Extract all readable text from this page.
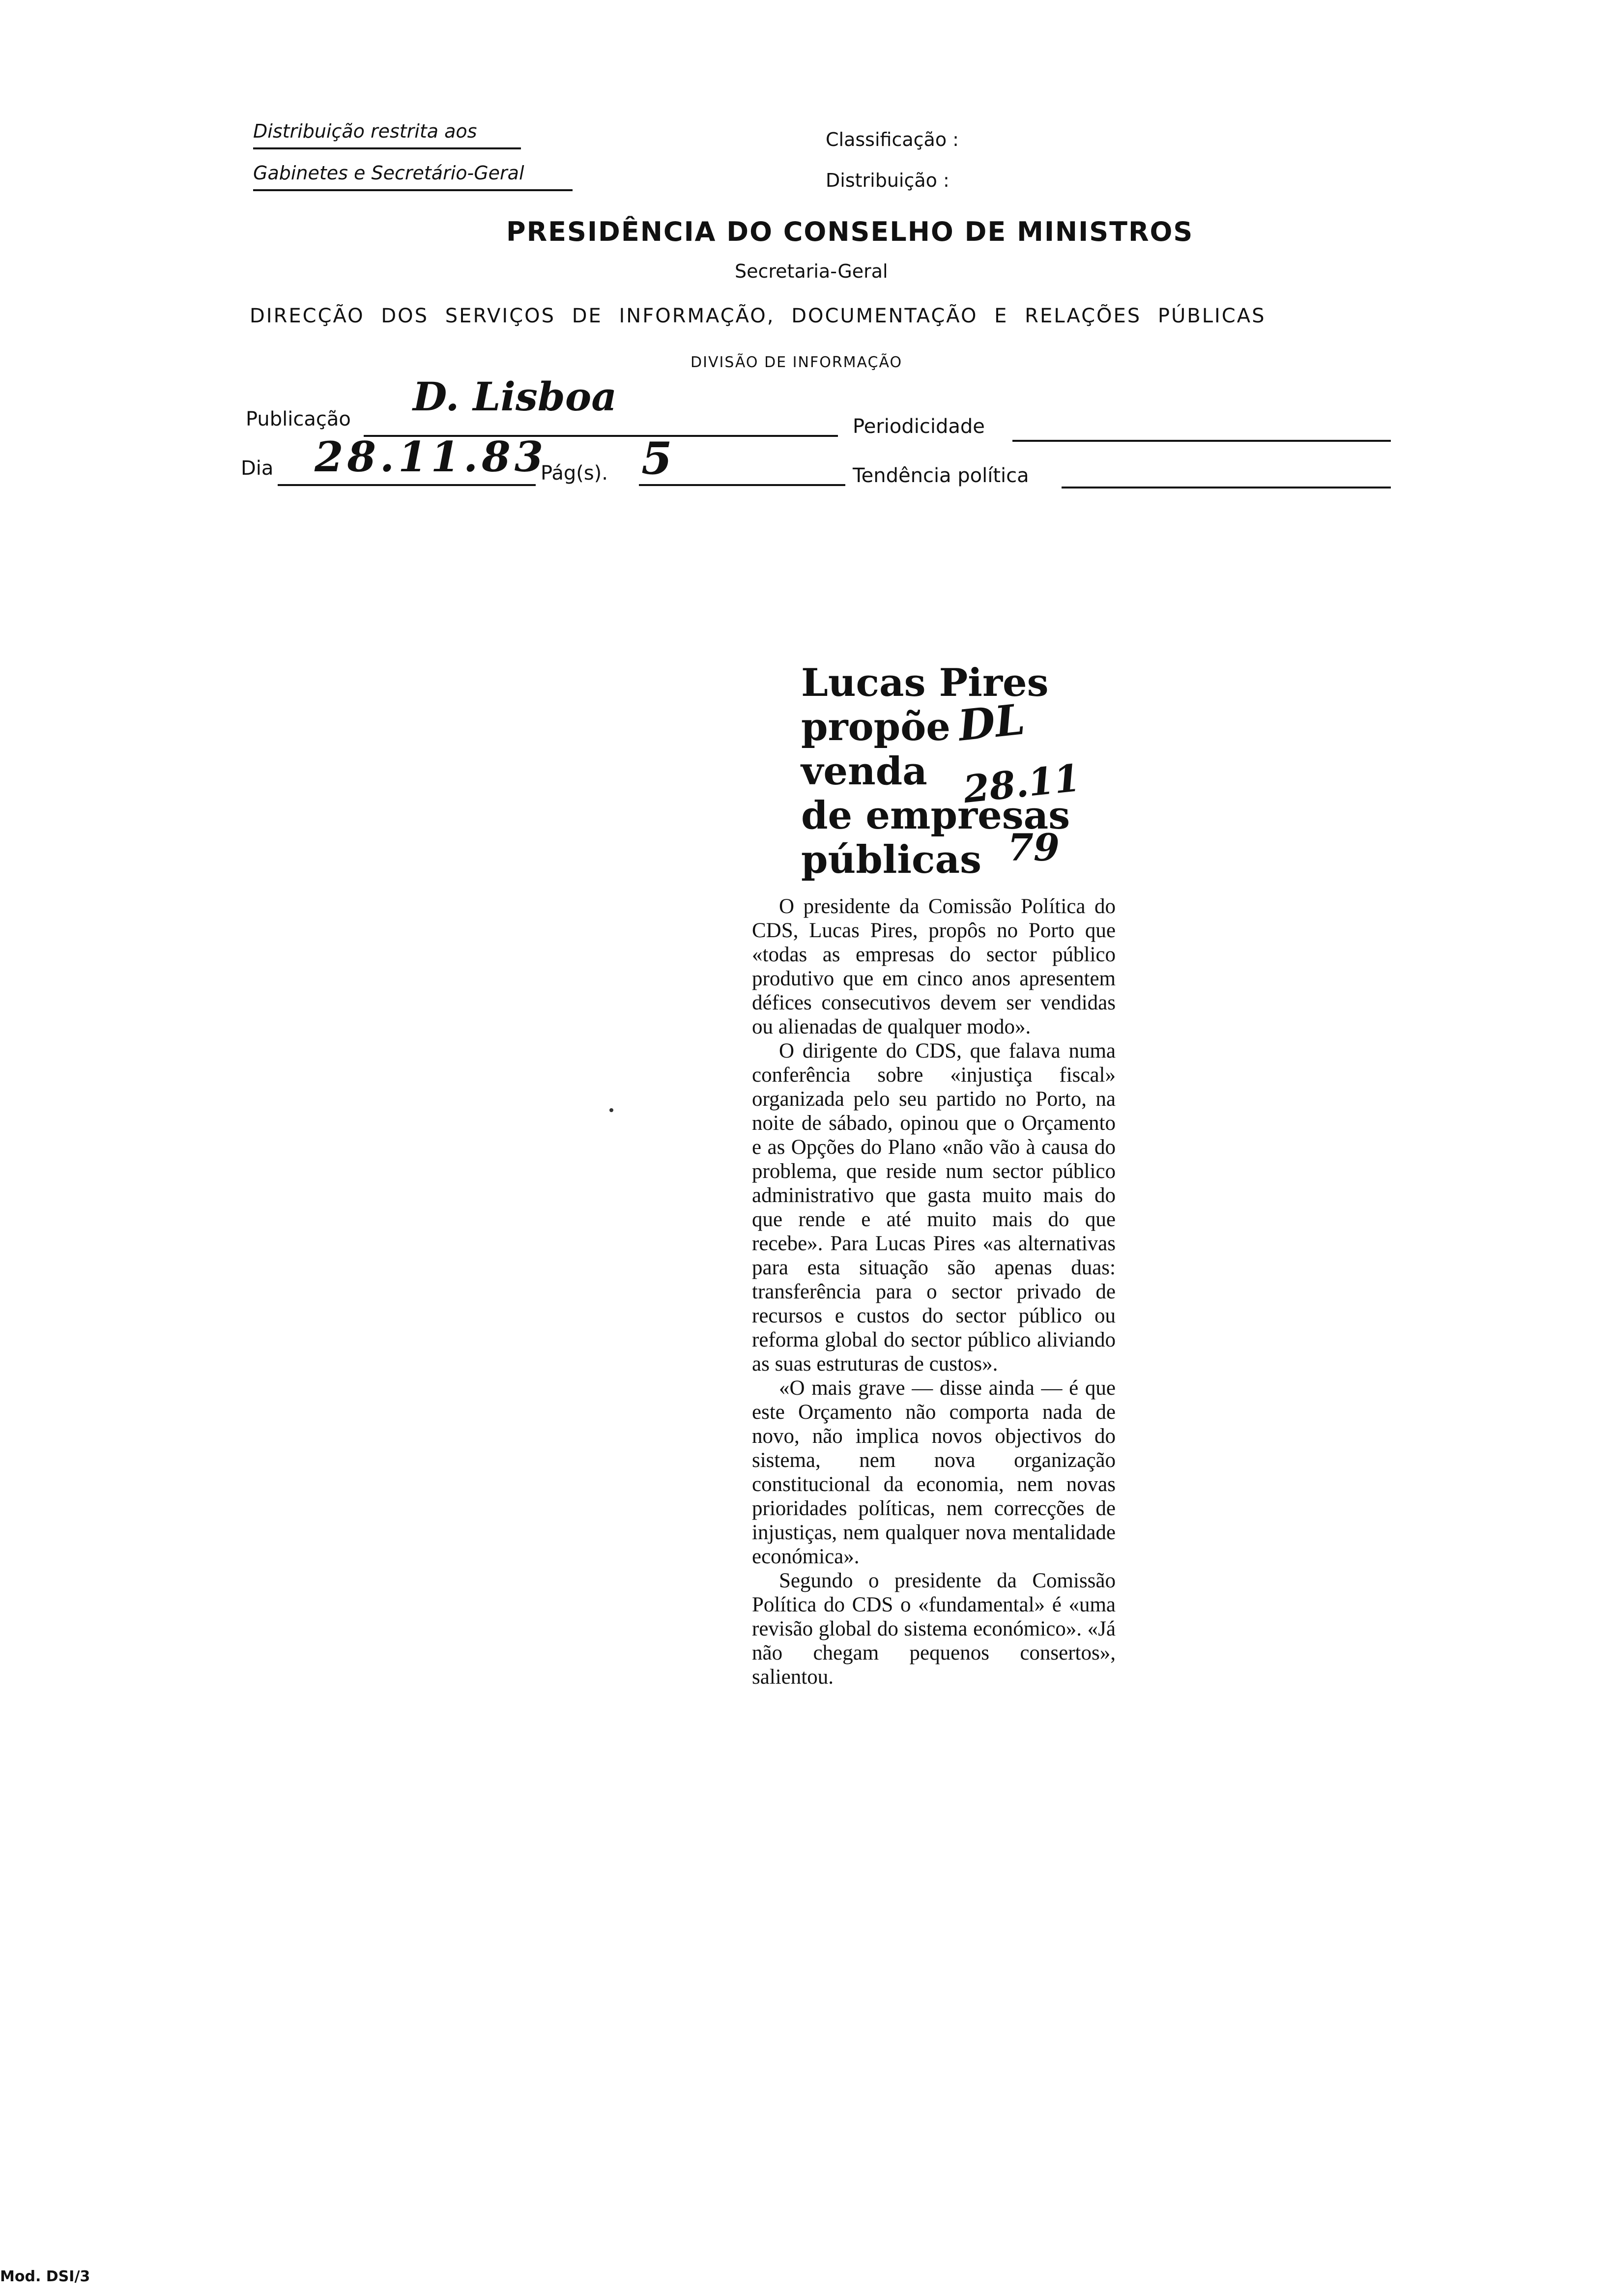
Distribuição restrita aos
Gabinetes e Secretário-Geral
Classificação :
Distribuição :
PRESIDÊNCIA DO CONSELHO DE MINISTROS
Secretaria-Geral
DIRECÇÃO DOS SERVIÇOS DE INFORMAÇÃO, DOCUMENTAÇÃO E RELAÇÕES PÚBLICAS
DIVISÃO DE INFORMAÇÃO
Publicação D. Lisboa
Periodicidade
Dia 28.11.83
Pág(s). 5	Tendência política
Lucas Pires
propõe
venda
de empresas
públicas
DL
28.11
79

O presidente da Comissão Política do CDS, Lucas Pires, propôs no Porto que «todas as empresas do sector público produtivo que em cinco anos apresentem défices consecutivos devem ser vendidas ou alienadas de qualquer modo».

O dirigente do CDS, que falava numa conferência sobre «injustiça fiscal» organizada pelo seu partido no Porto, na noite de sábado, opinou que o Orçamento e as Opções do Plano «não vão à causa do problema, que reside num sector público administrativo que gasta muito mais do que rende e até muito mais do que recebe». Para Lucas Pires «as alternativas para esta situação são apenas duas: transferência para o sector privado de recursos e custos do sector público ou reforma global do sector público aliviando as suas estruturas de custos».

«O mais grave — disse ainda — é que este Orçamento não comporta nada de novo, não implica novos objectivos do sistema, nem nova organização constitucional da economia, nem novas prioridades políticas, nem correcções de injustiças, nem qualquer nova mentalidade económica».

Segundo o presidente da Comissão Política do CDS o «fundamental» é «uma revisão global do sistema económico». «Já não chegam pequenos consertos», salientou.

Mod. DSI/3
